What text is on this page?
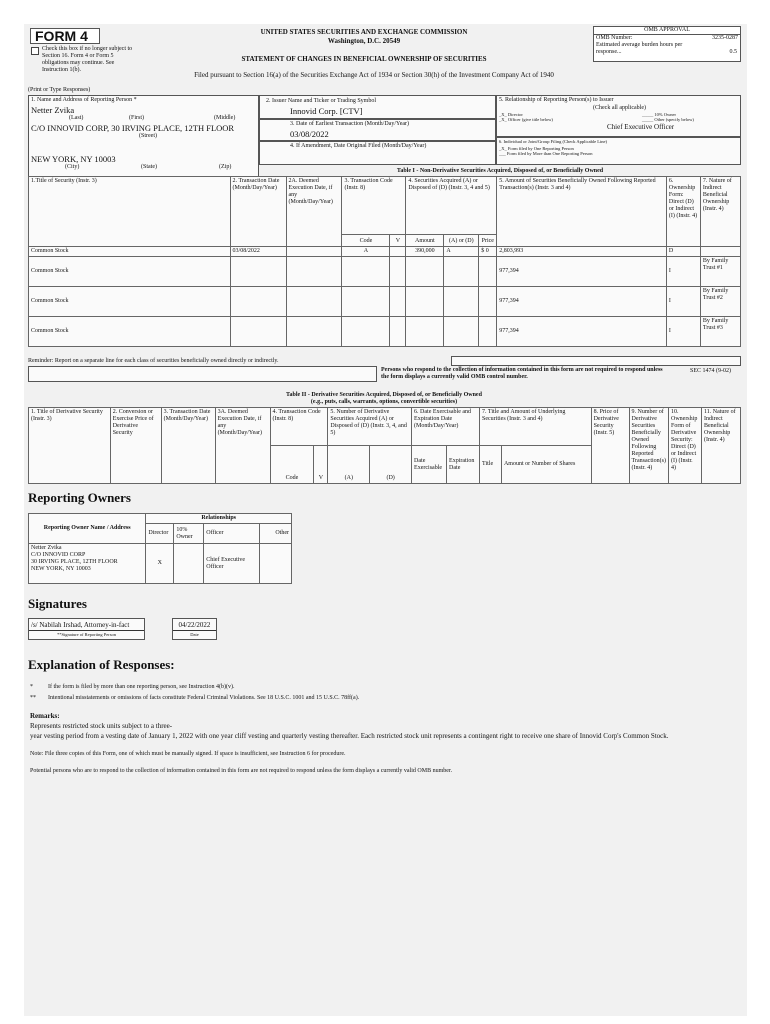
FORM 4
Check this box if no longer subject to Section 16. Form 4 or Form 5 obligations may continue. See Instruction 1(b).
UNITED STATES SECURITIES AND EXCHANGE COMMISSION
Washington, D.C. 20549
STATEMENT OF CHANGES IN BENEFICIAL OWNERSHIP OF SECURITIES
Filed pursuant to Section 16(a) of the Securities Exchange Act of 1934 or Section 30(h) of the Investment Company Act of 1940
OMB APPROVAL
OMB Number:	3235-0287
Estimated average burden hours per response...	0.5
(Print or Type Responses)
1. Name and Address of Reporting Person *
Netter Zvika
(Last)	(First)	(Middle)
C/O INNOVID CORP, 30 IRVING PLACE, 12TH FLOOR
(Street)
NEW YORK, NY 10003
(City)	(State)	(Zip)
2. Issuer Name and Ticker or Trading Symbol
Innovid Corp. [CTV]
3. Date of Earliest Transaction (Month/Day/Year)
03/08/2022
4. If Amendment, Date Original Filed (Month/Day/Year)
5. Relationship of Reporting Person(s) to Issuer
(Check all applicable)
_X_ Director	_____ 10% Owner
_X_ Officer (give title below)	_____ Other (specify below)
Chief Executive Officer
6. Individual or Joint/Group Filing (Check Applicable Line)
_X_ Form filed by One Reporting Person
___ Form filed by More than One Reporting Person
Table I - Non-Derivative Securities Acquired, Disposed of, or Beneficially Owned
1.Title of Security (Instr. 3)	2. Transaction Date (Month/Day/Year)	2A. Deemed Execution Date, if any (Month/Day/Year)	3. Transaction Code (Instr. 8)		4. Securities Acquired (A) or Disposed of (D) (Instr. 3, 4 and 5)			5. Amount of Securities Beneficially Owned Following Reported Transaction(s) (Instr. 3 and 4)	6. Ownership Form: Direct (D) or Indirect (I) (Instr. 4)	7. Nature of Indirect Beneficial Ownership (Instr. 4)
			Code	V	Amount	(A) or (D)	Price			
Common Stock	03/08/2022		A		390,000	A	$ 0	2,803,993	D	
Common Stock								977,394	I	By Family Trust #1
Common Stock								977,394	I	By Family Trust #2
Common Stock								977,394	I	By Family Trust #3
Reminder: Report on a separate line for each class of securities beneficially owned directly or indirectly.
Persons who respond to the collection of information contained in this form are not required to respond unless the form displays a currently valid OMB control number.
SEC 1474 (9-02)
Table II - Derivative Securities Acquired, Disposed of, or Beneficially Owned
(e.g., puts, calls, warrants, options, convertible securities)
1. Title of Derivative Security (Instr. 3)	2. Conversion or Exercise Price of Derivative Security	3. Transaction Date (Month/Day/Year)	3A. Deemed Execution Date, if any (Month/Day/Year)	4. Transaction Code (Instr. 8)		5. Number of Derivative Securities Acquired (A) or Disposed of (D) (Instr. 3, 4, and 5)		6. Date Exercisable and Expiration Date (Month/Day/Year)		7. Title and Amount of Underlying Securities (Instr. 3 and 4)		8. Price of Derivative Security (Instr. 5)	9. Number of Derivative Securities Beneficially Owned Following Reported Transaction(s) (Instr. 4)	10. Ownership Form of Derivative Security: Direct (D) or Indirect (I) (Instr. 4)	11. Nature of Indirect Beneficial Ownership (Instr. 4)
				Code	V	(A)	(D)	Date Exercisable	Expiration Date	Title	Amount or Number of Shares				
Reporting Owners
Reporting Owner Name / Address	Relationships			
	Director	10% Owner	Officer	Other

Netter Zvika
C/O INNOVID CORP
30 IRVING PLACE, 12TH FLOOR
NEW YORK, NY 10003	X		Chief Executive Officer	
Signatures
/s/ Nabilah Irshad, Attorney-in-fact
**Signature of Reporting Person
04/22/2022
Date
Explanation of Responses:
*	If the form is filed by more than one reporting person, see Instruction 4(b)(v).
** Intentional misstatements or omissions of facts constitute Federal Criminal Violations. See 18 U.S.C. 1001 and 15 U.S.C. 78ff(a).
Remarks:
Represents restricted stock units subject to a three-
year vesting period from a vesting date of January 1, 2022 with one year cliff vesting and quarterly vesting thereafter. Each restricted stock unit represents a contingent right to receive one share of Innovid Corp's Common Stock.
Note: File three copies of this Form, one of which must be manually signed. If space is insufficient, see Instruction 6 for procedure.
Potential persons who are to respond to the collection of information contained in this form are not required to respond unless the form displays a currently valid OMB number.
